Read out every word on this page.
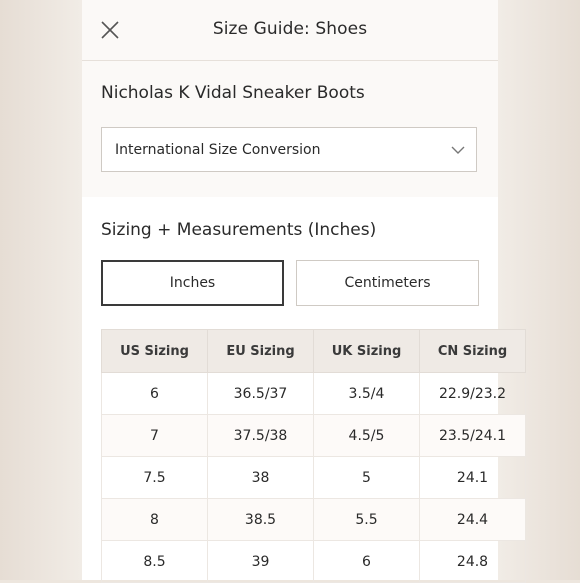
Size Guide: Shoes
Nicholas K Vidal Sneaker Boots
International Size Conversion
Sizing + Measurements (Inches)
Inches	Centimeters
US Sizing	EU Sizing	UK Sizing	CN Sizing
6	36.5/37	3.5/4	22.9/23.2
7	37.5/38	4.5/5	23.5/24.1
7.5	38	5	24.1
8	38.5	5.5	24.4
8.5	39	6	24.8
